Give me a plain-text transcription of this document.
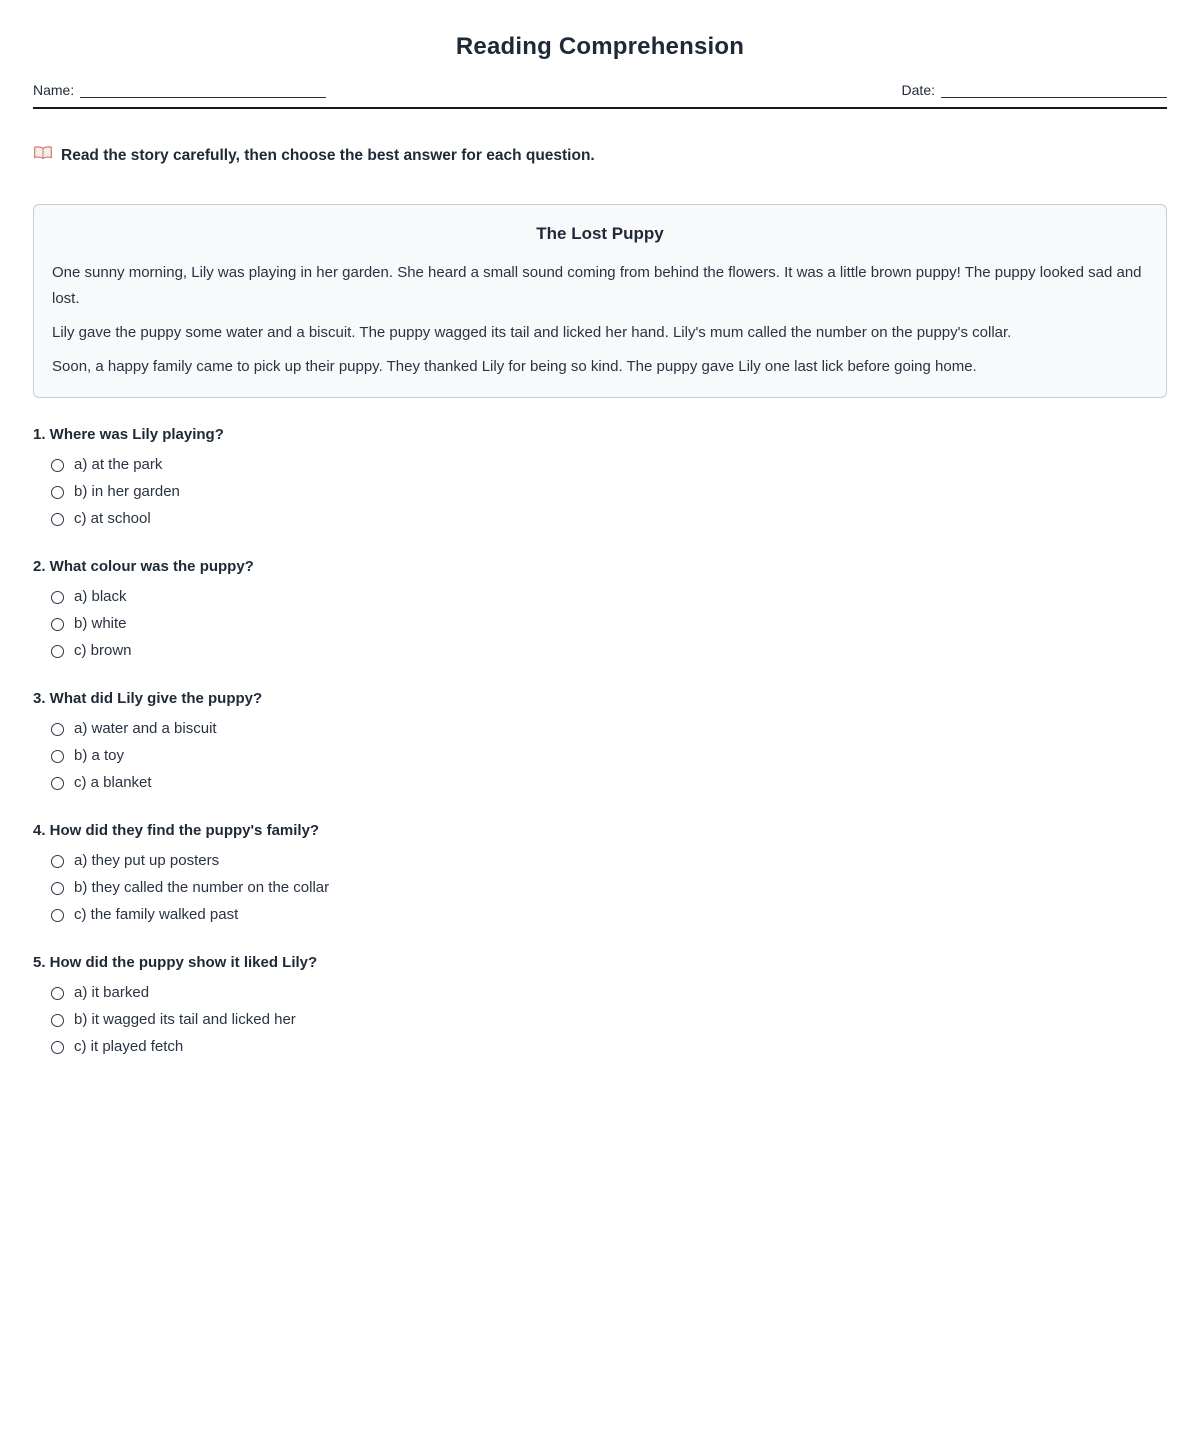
Reading Comprehension
Name:	Date:

Read the story carefully, then choose the best answer for each question.

The Lost Puppy

One sunny morning, Lily was playing in her garden. She heard a small sound coming from behind the flowers. It was a little brown puppy! The puppy looked sad and lost.

Lily gave the puppy some water and a biscuit. The puppy wagged its tail and licked her hand. Lily's mum called the number on the puppy's collar.

Soon, a happy family came to pick up their puppy. They thanked Lily for being so kind. The puppy gave Lily one last lick before going home.

1. Where was Lily playing?
a) at the park
b) in her garden
c) at school
2. What colour was the puppy?
a) black
b) white
c) brown
3. What did Lily give the puppy?
a) water and a biscuit
b) a toy
c) a blanket
4. How did they find the puppy's family?
a) they put up posters
b) they called the number on the collar
c) the family walked past
5. How did the puppy show it liked Lily?
a) it barked
b) it wagged its tail and licked her
c) it played fetch
